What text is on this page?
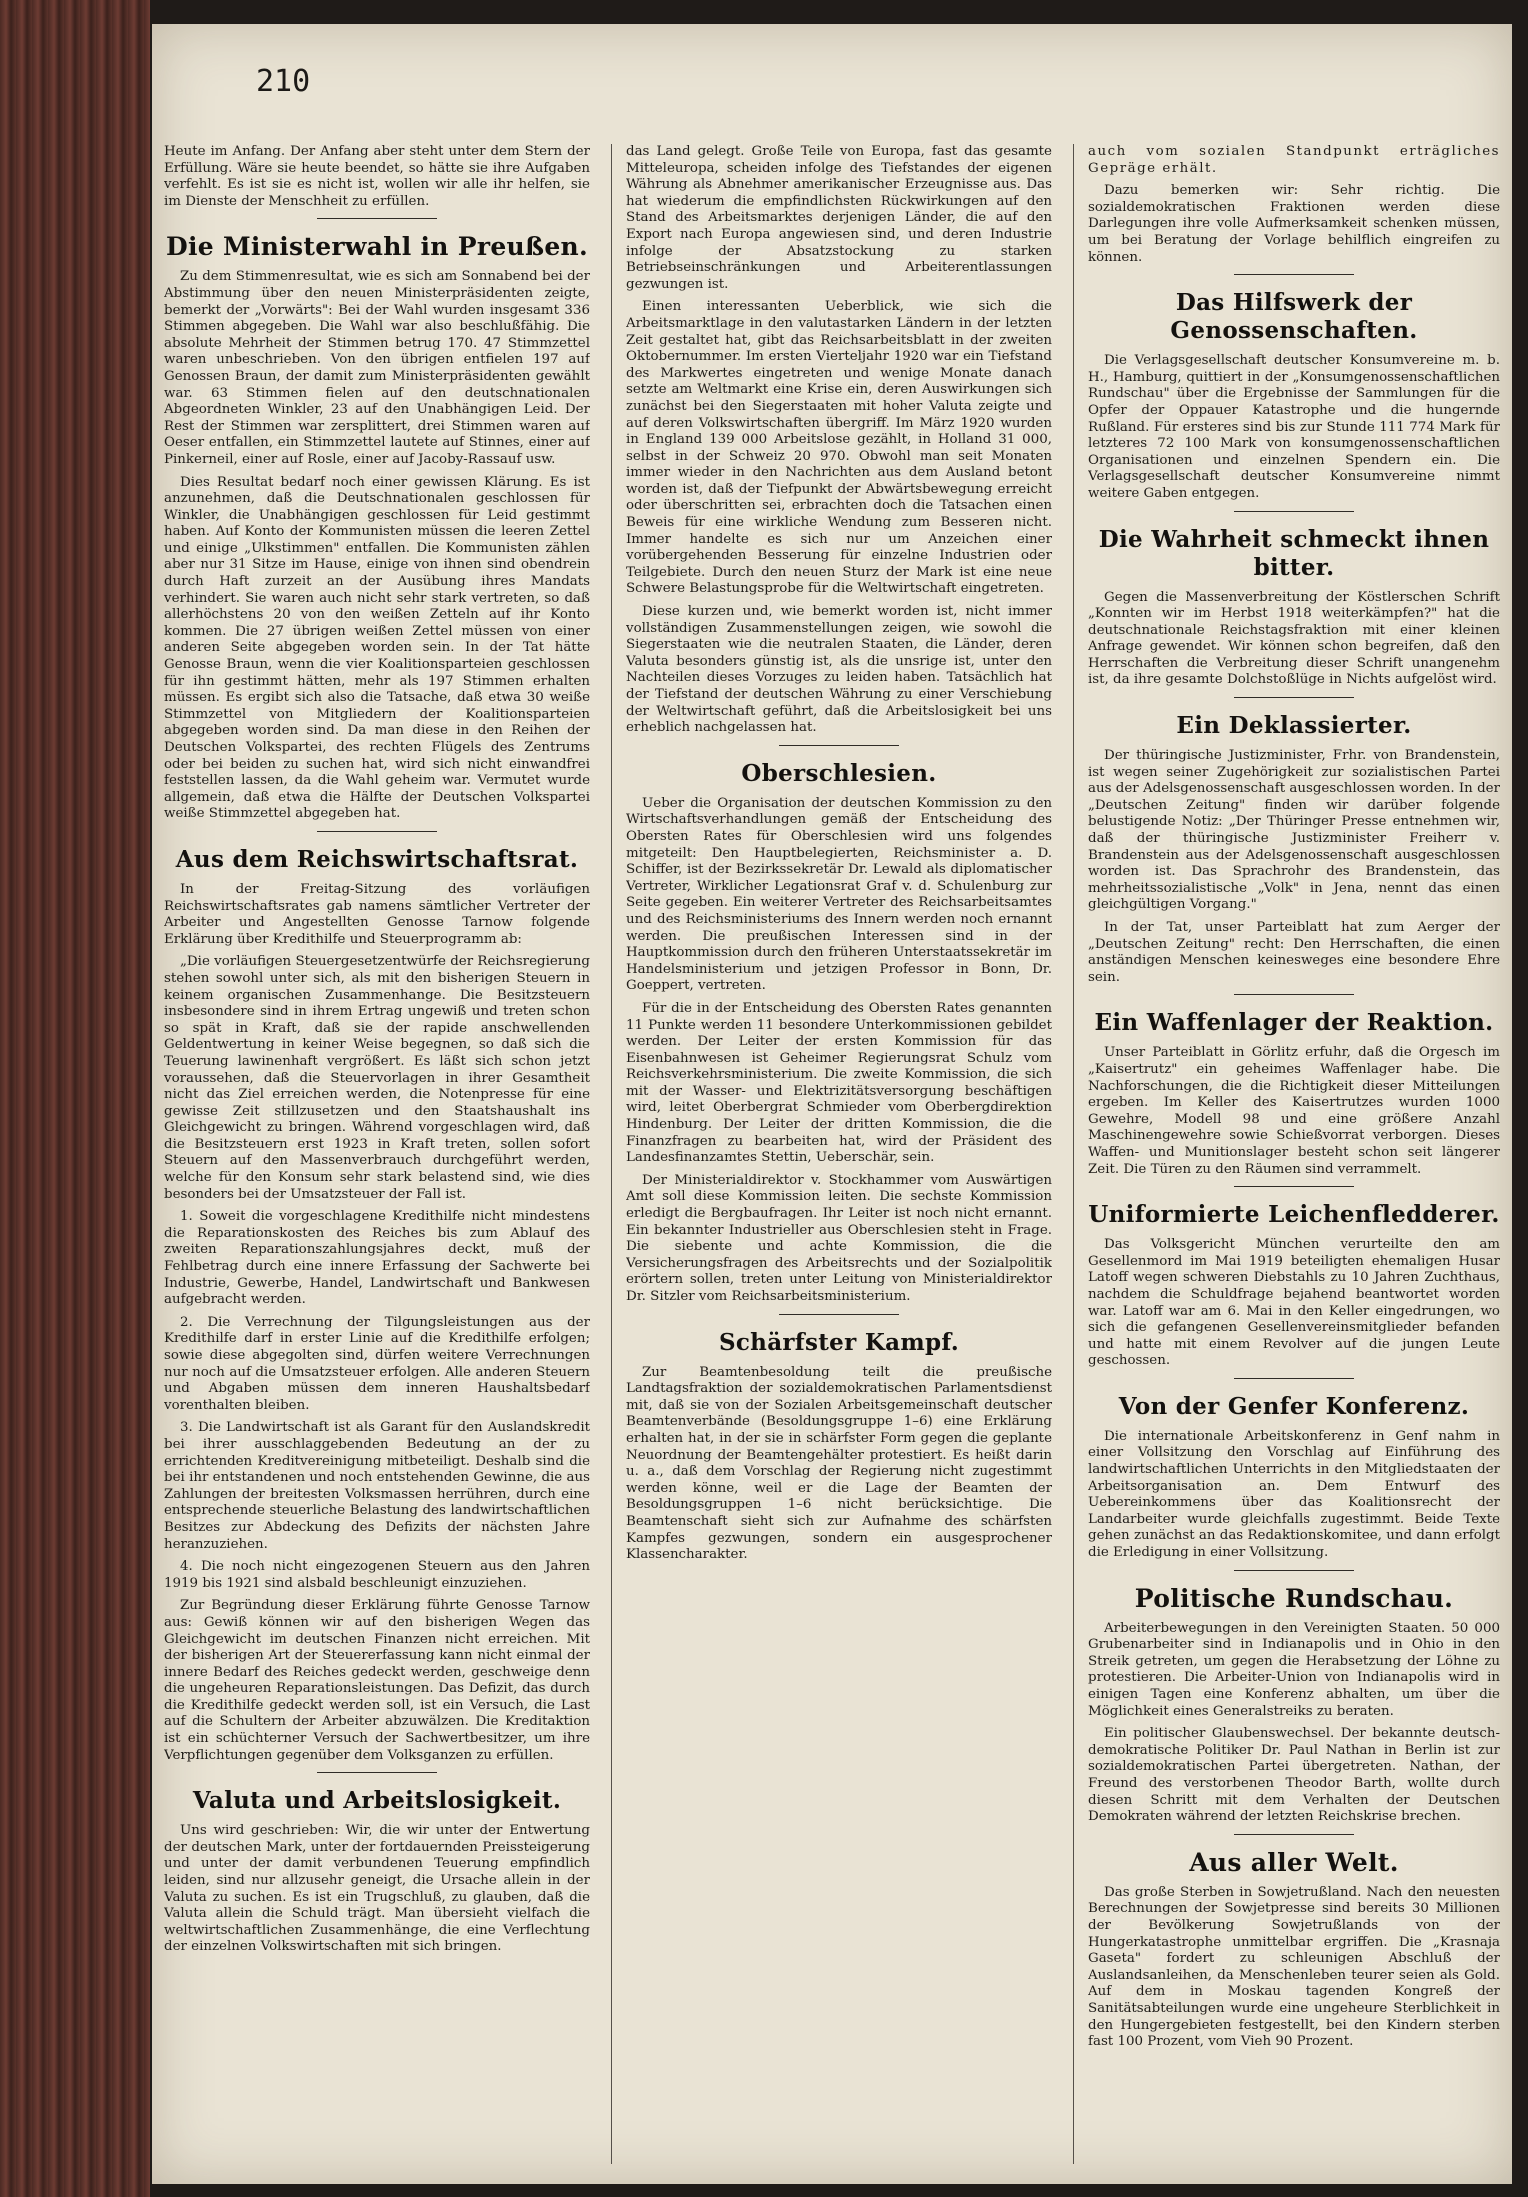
210

Heute im Anfang. Der Anfang aber steht unter dem Stern der Erfüllung. Wäre sie heute beendet, so hätte sie ihre Aufgaben verfehlt. Es ist sie es nicht ist, wollen wir alle ihr helfen, sie im Dienste der Menschheit zu erfüllen.

Die Ministerwahl in Preußen.

Zu dem Stimmenresultat, wie es sich am Sonnabend bei der Abstimmung über den neuen Ministerpräsidenten zeigte, bemerkt der „Vorwärts": Bei der Wahl wurden insgesamt 336 Stimmen abgegeben. Die Wahl war also beschlußfähig. Die absolute Mehrheit der Stimmen betrug 170. 47 Stimmzettel waren unbeschrieben. Von den übrigen entfielen 197 auf Genossen Braun, der damit zum Ministerpräsidenten gewählt war. 63 Stimmen fielen auf den deutschnationalen Abgeordneten Winkler, 23 auf den Unabhängigen Leid. Der Rest der Stimmen war zersplittert, drei Stimmen waren auf Oeser entfallen, ein Stimmzettel lautete auf Stinnes, einer auf Pinkerneil, einer auf Rosle, einer auf Jacoby-Rassauf usw.

Dies Resultat bedarf noch einer gewissen Klärung. Es ist anzunehmen, daß die Deutschnationalen geschlossen für Winkler, die Unabhängigen geschlossen für Leid gestimmt haben. Auf Konto der Kommunisten müssen die leeren Zettel und einige „Ulkstimmen" entfallen. Die Kommunisten zählen aber nur 31 Sitze im Hause, einige von ihnen sind obendrein durch Haft zurzeit an der Ausübung ihres Mandats verhindert. Sie waren auch nicht sehr stark vertreten, so daß allerhöchstens 20 von den weißen Zetteln auf ihr Konto kommen. Die 27 übrigen weißen Zettel müssen von einer anderen Seite abgegeben worden sein. In der Tat hätte Genosse Braun, wenn die vier Koalitionsparteien geschlossen für ihn gestimmt hätten, mehr als 197 Stimmen erhalten müssen. Es ergibt sich also die Tatsache, daß etwa 30 weiße Stimmzettel von Mitgliedern der Koalitionsparteien abgegeben worden sind. Da man diese in den Reihen der Deutschen Volkspartei, des rechten Flügels des Zentrums oder bei beiden zu suchen hat, wird sich nicht einwandfrei feststellen lassen, da die Wahl geheim war. Vermutet wurde allgemein, daß etwa die Hälfte der Deutschen Volkspartei weiße Stimmzettel abgegeben hat.

Aus dem Reichswirtschaftsrat.

In der Freitag-Sitzung des vorläufigen Reichswirtschaftsrates gab namens sämtlicher Vertreter der Arbeiter und Angestellten Genosse Tarnow folgende Erklärung über Kredithilfe und Steuerprogramm ab:

„Die vorläufigen Steuergesetzentwürfe der Reichsregierung stehen sowohl unter sich, als mit den bisherigen Steuern in keinem organischen Zusammenhange. Die Besitzsteuern insbesondere sind in ihrem Ertrag ungewiß und treten schon so spät in Kraft, daß sie der rapide anschwellenden Geldentwertung in keiner Weise begegnen, so daß sich die Teuerung lawinenhaft vergrößert. Es läßt sich schon jetzt voraussehen, daß die Steuervorlagen in ihrer Gesamtheit nicht das Ziel erreichen werden, die Notenpresse für eine gewisse Zeit stillzusetzen und den Staatshaushalt ins Gleichgewicht zu bringen. Während vorgeschlagen wird, daß die Besitzsteuern erst 1923 in Kraft treten, sollen sofort Steuern auf den Massenverbrauch durchgeführt werden, welche für den Konsum sehr stark belastend sind, wie dies besonders bei der Umsatzsteuer der Fall ist.

1. Soweit die vorgeschlagene Kredithilfe nicht mindestens die Reparationskosten des Reiches bis zum Ablauf des zweiten Reparationszahlungsjahres deckt, muß der Fehlbetrag durch eine innere Erfassung der Sachwerte bei Industrie, Gewerbe, Handel, Landwirtschaft und Bankwesen aufgebracht werden.

2. Die Verrechnung der Tilgungsleistungen aus der Kredithilfe darf in erster Linie auf die Kredithilfe erfolgen; sowie diese abgegolten sind, dürfen weitere Verrechnungen nur noch auf die Umsatzsteuer erfolgen. Alle anderen Steuern und Abgaben müssen dem inneren Haushaltsbedarf vorenthalten bleiben.

3. Die Landwirtschaft ist als Garant für den Auslandskredit bei ihrer ausschlaggebenden Bedeutung an der zu errichtenden Kreditvereinigung mitbeteiligt. Deshalb sind die bei ihr entstandenen und noch entstehenden Gewinne, die aus Zahlungen der breitesten Volksmassen herrühren, durch eine entsprechende steuerliche Belastung des landwirtschaftlichen Besitzes zur Abdeckung des Defizits der nächsten Jahre heranzuziehen.

4. Die noch nicht eingezogenen Steuern aus den Jahren 1919 bis 1921 sind alsbald beschleunigt einzuziehen.

Zur Begründung dieser Erklärung führte Genosse Tarnow aus: Gewiß können wir auf den bisherigen Wegen das Gleichgewicht im deutschen Finanzen nicht erreichen. Mit der bisherigen Art der Steuererfassung kann nicht einmal der innere Bedarf des Reiches gedeckt werden, geschweige denn die ungeheuren Reparationsleistungen. Das Defizit, das durch die Kredithilfe gedeckt werden soll, ist ein Versuch, die Last auf die Schultern der Arbeiter abzuwälzen. Die Kreditaktion ist ein schüchterner Versuch der Sachwertbesitzer, um ihre Verpflichtungen gegenüber dem Volksganzen zu erfüllen.

Valuta und Arbeitslosigkeit.

Uns wird geschrieben: Wir, die wir unter der Entwertung der deutschen Mark, unter der fortdauernden Preissteigerung und unter der damit verbundenen Teuerung empfindlich leiden, sind nur allzusehr geneigt, die Ursache allein in der Valuta zu suchen. Es ist ein Trugschluß, zu glauben, daß die Valuta allein die Schuld trägt. Man übersieht vielfach die weltwirtschaftlichen Zusammenhänge, die eine Verflechtung der einzelnen Volkswirtschaften mit sich bringen.

das Land gelegt. Große Teile von Europa, fast das gesamte Mitteleuropa, scheiden infolge des Tiefstandes der eigenen Währung als Abnehmer amerikanischer Erzeugnisse aus. Das hat wiederum die empfindlichsten Rückwirkungen auf den Stand des Arbeitsmarktes derjenigen Länder, die auf den Export nach Europa angewiesen sind, und deren Industrie infolge der Absatzstockung zu starken Betriebseinschränkungen und Arbeiterentlassungen gezwungen ist.

Einen interessanten Ueberblick, wie sich die Arbeitsmarktlage in den valutastarken Ländern in der letzten Zeit gestaltet hat, gibt das Reichsarbeitsblatt in der zweiten Oktobernummer. Im ersten Vierteljahr 1920 war ein Tiefstand des Markwertes eingetreten und wenige Monate danach setzte am Weltmarkt eine Krise ein, deren Auswirkungen sich zunächst bei den Siegerstaaten mit hoher Valuta zeigte und auf deren Volkswirtschaften übergriff. Im März 1920 wurden in England 139 000 Arbeitslose gezählt, in Holland 31 000, selbst in der Schweiz 20 970. Obwohl man seit Monaten immer wieder in den Nachrichten aus dem Ausland betont worden ist, daß der Tiefpunkt der Abwärtsbewegung erreicht oder überschritten sei, erbrachten doch die Tatsachen einen Beweis für eine wirkliche Wendung zum Besseren nicht. Immer handelte es sich nur um Anzeichen einer vorübergehenden Besserung für einzelne Industrien oder Teilgebiete. Durch den neuen Sturz der Mark ist eine neue Schwere Belastungsprobe für die Weltwirtschaft eingetreten.

Diese kurzen und, wie bemerkt worden ist, nicht immer vollständigen Zusammenstellungen zeigen, wie sowohl die Siegerstaaten wie die neutralen Staaten, die Länder, deren Valuta besonders günstig ist, als die unsrige ist, unter den Nachteilen dieses Vorzuges zu leiden haben. Tatsächlich hat der Tiefstand der deutschen Währung zu einer Verschiebung der Weltwirtschaft geführt, daß die Arbeitslosigkeit bei uns erheblich nachgelassen hat.

Oberschlesien.

Ueber die Organisation der deutschen Kommission zu den Wirtschaftsverhandlungen gemäß der Entscheidung des Obersten Rates für Oberschlesien wird uns folgendes mitgeteilt: Den Hauptbelegierten, Reichsminister a. D. Schiffer, ist der Bezirkssekretär Dr. Lewald als diplomatischer Vertreter, Wirklicher Legationsrat Graf v. d. Schulenburg zur Seite gegeben. Ein weiterer Vertreter des Reichsarbeitsamtes und des Reichsministeriums des Innern werden noch ernannt werden. Die preußischen Interessen sind in der Hauptkommission durch den früheren Unterstaatssekretär im Handelsministerium und jetzigen Professor in Bonn, Dr. Goeppert, vertreten.

Für die in der Entscheidung des Obersten Rates genannten 11 Punkte werden 11 besondere Unterkommissionen gebildet werden. Der Leiter der ersten Kommission für das Eisenbahnwesen ist Geheimer Regierungsrat Schulz vom Reichsverkehrsministerium. Die zweite Kommission, die sich mit der Wasser- und Elektrizitätsversorgung beschäftigen wird, leitet Oberbergrat Schmieder vom Oberbergdirektion Hindenburg. Der Leiter der dritten Kommission, die die Finanzfragen zu bearbeiten hat, wird der Präsident des Landesfinanzamtes Stettin, Ueberschär, sein.

Der Ministerialdirektor v. Stockhammer vom Auswärtigen Amt soll diese Kommission leiten. Die sechste Kommission erledigt die Bergbaufragen. Ihr Leiter ist noch nicht ernannt. Ein bekannter Industrieller aus Oberschlesien steht in Frage. Die siebente und achte Kommission, die die Versicherungsfragen des Arbeitsrechts und der Sozialpolitik erörtern sollen, treten unter Leitung von Ministerialdirektor Dr. Sitzler vom Reichsarbeitsministerium.

Schärfster Kampf.

Zur Beamtenbesoldung teilt die preußische Landtagsfraktion der sozialdemokratischen Parlamentsdienst mit, daß sie von der Sozialen Arbeitsgemeinschaft deutscher Beamtenverbände (Besoldungsgruppe 1–6) eine Erklärung erhalten hat, in der sie in schärfster Form gegen die geplante Neuordnung der Beamtengehälter protestiert. Es heißt darin u. a., daß dem Vorschlag der Regierung nicht zugestimmt werden könne, weil er die Lage der Beamten der Besoldungsgruppen 1–6 nicht berücksichtige. Die Beamtenschaft sieht sich zur Aufnahme des schärfsten Kampfes gezwungen, sondern ein ausgesprochener Klassencharakter.

auch vom sozialen Standpunkt erträgliches Gepräge erhält.

Dazu bemerken wir: Sehr richtig. Die sozialdemokratischen Fraktionen werden diese Darlegungen ihre volle Aufmerksamkeit schenken müssen, um bei Beratung der Vorlage behilflich eingreifen zu können.

Das Hilfswerk der Genossenschaften.

Die Verlagsgesellschaft deutscher Konsumvereine m. b. H., Hamburg, quittiert in der „Konsumgenossenschaftlichen Rundschau" über die Ergebnisse der Sammlungen für die Opfer der Oppauer Katastrophe und die hungernde Rußland. Für ersteres sind bis zur Stunde 111 774 Mark für letzteres 72 100 Mark von konsumgenossenschaftlichen Organisationen und einzelnen Spendern ein. Die Verlagsgesellschaft deutscher Konsumvereine nimmt weitere Gaben entgegen.

Die Wahrheit schmeckt ihnen bitter.

Gegen die Massenverbreitung der Köstlerschen Schrift „Konnten wir im Herbst 1918 weiterkämpfen?" hat die deutschnationale Reichstagsfraktion mit einer kleinen Anfrage gewendet. Wir können schon begreifen, daß den Herrschaften die Verbreitung dieser Schrift unangenehm ist, da ihre gesamte Dolchstoßlüge in Nichts aufgelöst wird.

Ein Deklassierter.

Der thüringische Justizminister, Frhr. von Brandenstein, ist wegen seiner Zugehörigkeit zur sozialistischen Partei aus der Adelsgenossenschaft ausgeschlossen worden. In der „Deutschen Zeitung" finden wir darüber folgende belustigende Notiz: „Der Thüringer Presse entnehmen wir, daß der thüringische Justizminister Freiherr v. Brandenstein aus der Adelsgenossenschaft ausgeschlossen worden ist. Das Sprachrohr des Brandenstein, das mehrheitssozialistische „Volk" in Jena, nennt das einen gleichgültigen Vorgang."

In der Tat, unser Parteiblatt hat zum Aerger der „Deutschen Zeitung" recht: Den Herrschaften, die einen anständigen Menschen keinesweges eine besondere Ehre sein.

Ein Waffenlager der Reaktion.

Unser Parteiblatt in Görlitz erfuhr, daß die Orgesch im „Kaisertrutz" ein geheimes Waffenlager habe. Die Nachforschungen, die die Richtigkeit dieser Mitteilungen ergeben. Im Keller des Kaisertrutzes wurden 1000 Gewehre, Modell 98 und eine größere Anzahl Maschinengewehre sowie Schießvorrat verborgen. Dieses Waffen- und Munitionslager besteht schon seit längerer Zeit. Die Türen zu den Räumen sind verrammelt.

Uniformierte Leichenfledderer.

Das Volksgericht München verurteilte den am Gesellenmord im Mai 1919 beteiligten ehemaligen Husar Latoff wegen schweren Diebstahls zu 10 Jahren Zuchthaus, nachdem die Schuldfrage bejahend beantwortet worden war. Latoff war am 6. Mai in den Keller eingedrungen, wo sich die gefangenen Gesellenvereinsmitglieder befanden und hatte mit einem Revolver auf die jungen Leute geschossen.

Von der Genfer Konferenz.

Die internationale Arbeitskonferenz in Genf nahm in einer Vollsitzung den Vorschlag auf Einführung des landwirtschaftlichen Unterrichts in den Mitgliedstaaten der Arbeitsorganisation an. Dem Entwurf des Uebereinkommens über das Koalitionsrecht der Landarbeiter wurde gleichfalls zugestimmt. Beide Texte gehen zunächst an das Redaktionskomitee, und dann erfolgt die Erledigung in einer Vollsitzung.

Politische Rundschau.

Arbeiterbewegungen in den Vereinigten Staaten. 50 000 Grubenarbeiter sind in Indianapolis und in Ohio in den Streik getreten, um gegen die Herabsetzung der Löhne zu protestieren. Die Arbeiter-Union von Indianapolis wird in einigen Tagen eine Konferenz abhalten, um über die Möglichkeit eines Generalstreiks zu beraten.

Ein politischer Glaubenswechsel. Der bekannte deutsch-demokratische Politiker Dr. Paul Nathan in Berlin ist zur sozialdemokratischen Partei übergetreten. Nathan, der Freund des verstorbenen Theodor Barth, wollte durch diesen Schritt mit dem Verhalten der Deutschen Demokraten während der letzten Reichskrise brechen.

Aus aller Welt.

Das große Sterben in Sowjetrußland. Nach den neuesten Berechnungen der Sowjetpresse sind bereits 30 Millionen der Bevölkerung Sowjetrußlands von der Hungerkatastrophe unmittelbar ergriffen. Die „Krasnaja Gaseta" fordert zu schleunigen Abschluß der Auslandsanleihen, da Menschenleben teurer seien als Gold. Auf dem in Moskau tagenden Kongreß der Sanitätsabteilungen wurde eine ungeheure Sterblichkeit in den Hungergebieten festgestellt, bei den Kindern sterben fast 100 Prozent, vom Vieh 90 Prozent.
